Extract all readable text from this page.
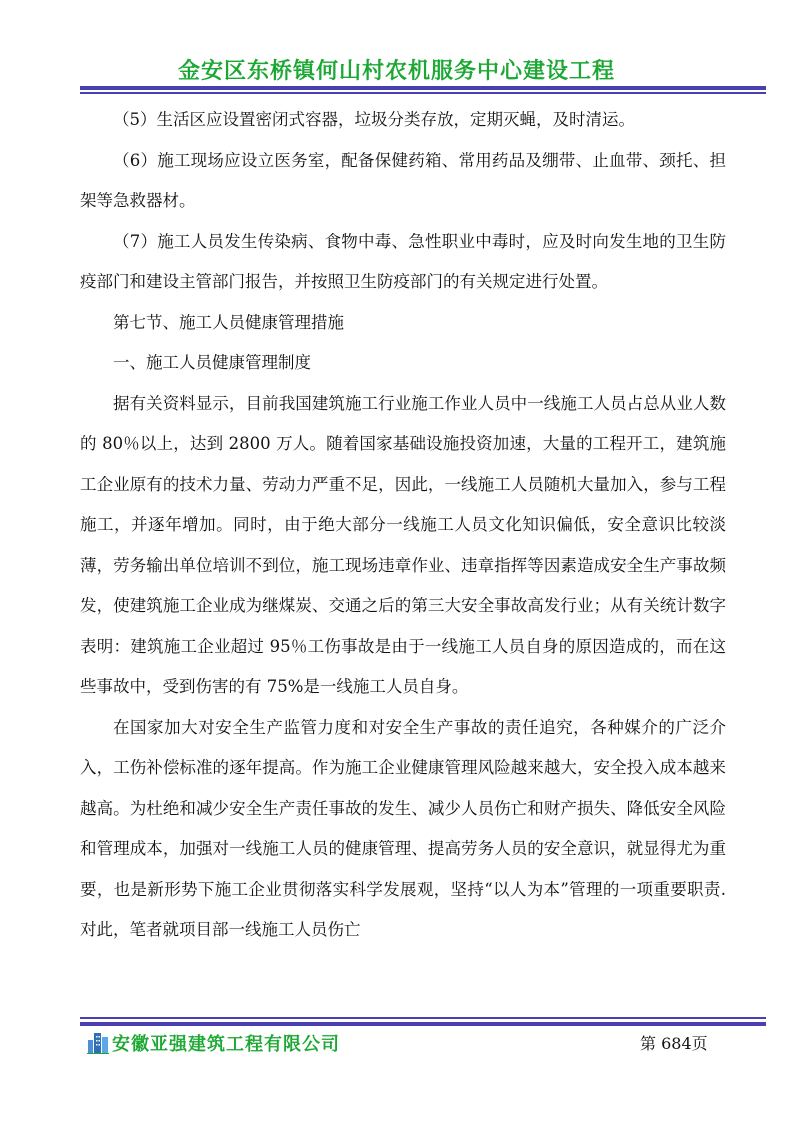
金安区东桥镇何山村农机服务中心建设工程

（5）生活区应设置密闭式容器，垃圾分类存放，定期灭蝇，及时清运。

（6）施工现场应设立医务室，配备保健药箱、常用药品及绷带、止血带、颈托、担架等急救器材。

（7）施工人员发生传染病、食物中毒、急性职业中毒时，应及时向发生地的卫生防疫部门和建设主管部门报告，并按照卫生防疫部门的有关规定进行处置。

第七节、施工人员健康管理措施

一、施工人员健康管理制度

据有关资料显示，目前我国建筑施工行业施工作业人员中一线施工人员占总从业人数的 80％以上，达到 2800 万人。随着国家基础设施投资加速，大量的工程开工，建筑施工企业原有的技术力量、劳动力严重不足，因此，一线施工人员随机大量加入，参与工程施工，并逐年增加。同时，由于绝大部分一线施工人员文化知识偏低，安全意识比较淡薄，劳务输出单位培训不到位，施工现场违章作业、违章指挥等因素造成安全生产事故频发，使建筑施工企业成为继煤炭、交通之后的第三大安全事故高发行业；从有关统计数字表明：建筑施工企业超过 95％工伤事故是由于一线施工人员自身的原因造成的，而在这些事故中，受到伤害的有 75%是一线施工人员自身。

在国家加大对安全生产监管力度和对安全生产事故的责任追究，各种媒介的广泛介入，工伤补偿标准的逐年提高。作为施工企业健康管理风险越来越大，安全投入成本越来越高。为杜绝和减少安全生产责任事故的发生、减少人员伤亡和财产损失、降低安全风险和管理成本，加强对一线施工人员的健康管理、提高劳务人员的安全意识，就显得尤为重要，也是新形势下施工企业贯彻落实科学发展观，坚持“以人为本”管理的一项重要职责. 对此，笔者就项目部一线施工人员伤亡

安徽亚强建筑工程有限公司	第 684页
